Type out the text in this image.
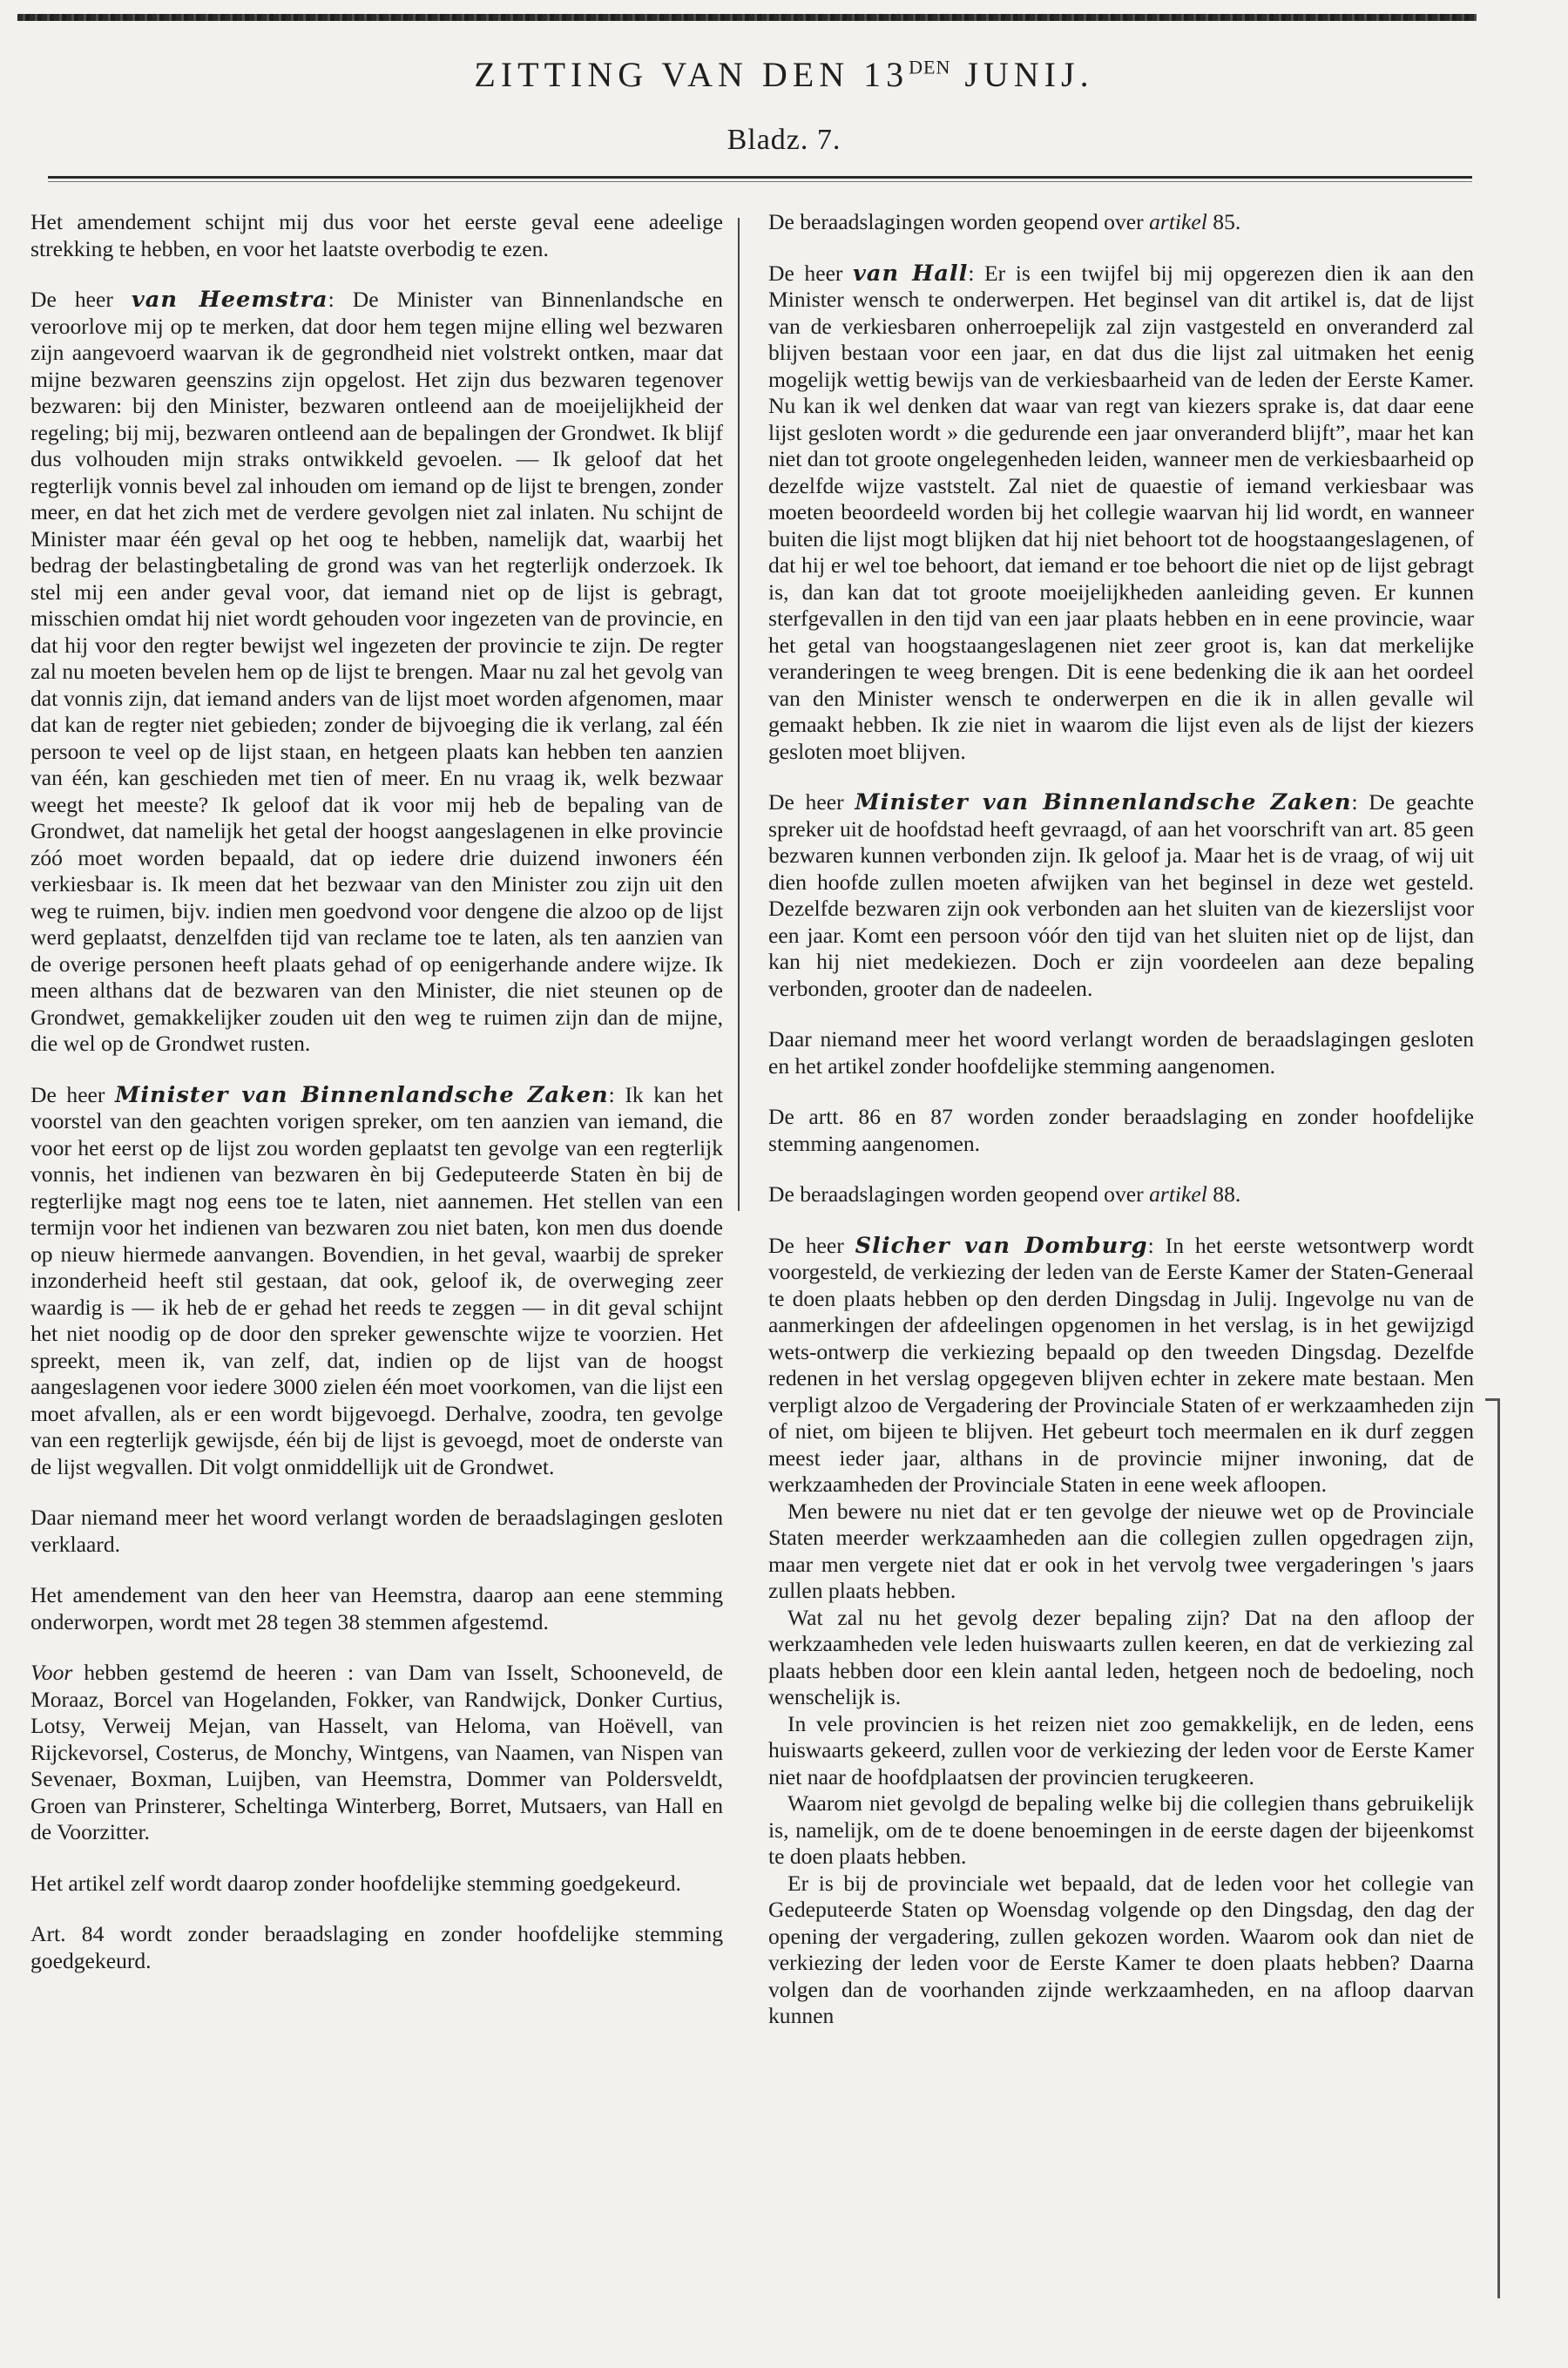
ZITTING VAN DEN $13^{DEN}$ JUNIJ.
Bladz. 7.

Het amendement schijnt mij dus voor het eerste geval eene adeelige strekking te hebben, en voor het laatste overbodig te ezen.

De heer van Heemstra: De Minister van Binnenlandsche en veroorlove mij op te merken, dat door hem tegen mijne elling wel bezwaren zijn aangevoerd waarvan ik de gegrondheid niet volstrekt ontken, maar dat mijne bezwaren geenszins zijn opgelost. Het zijn dus bezwaren tegenover bezwaren: bij den Minister, bezwaren ontleend aan de moeijelijkheid der regeling; bij mij, bezwaren ontleend aan de bepalingen der Grondwet. Ik blijf dus volhouden mijn straks ontwikkeld gevoelen. — Ik geloof dat het regterlijk vonnis bevel zal inhouden om iemand op de lijst te brengen, zonder meer, en dat het zich met de verdere gevolgen niet zal inlaten. Nu schijnt de Minister maar één geval op het oog te hebben, namelijk dat, waarbij het bedrag der belastingbetaling de grond was van het regterlijk onderzoek. Ik stel mij een ander geval voor, dat iemand niet op de lijst is gebragt, misschien omdat hij niet wordt gehouden voor ingezeten van de provincie, en dat hij voor den regter bewijst wel ingezeten der provincie te zijn. De regter zal nu moeten bevelen hem op de lijst te brengen. Maar nu zal het gevolg van dat vonnis zijn, dat iemand anders van de lijst moet worden afgenomen, maar dat kan de regter niet gebieden; zonder de bijvoeging die ik verlang, zal één persoon te veel op de lijst staan, en hetgeen plaats kan hebben ten aanzien van één, kan geschieden met tien of meer. En nu vraag ik, welk bezwaar weegt het meeste? Ik geloof dat ik voor mij heb de bepaling van de Grondwet, dat namelijk het getal der hoogst aangeslagenen in elke provincie zóó moet worden bepaald, dat op iedere drie duizend inwoners één verkiesbaar is. Ik meen dat het bezwaar van den Minister zou zijn uit den weg te ruimen, bijv. indien men goedvond voor dengene die alzoo op de lijst werd geplaatst, denzelfden tijd van reclame toe te laten, als ten aanzien van de overige personen heeft plaats gehad of op eenigerhande andere wijze. Ik meen althans dat de bezwaren van den Minister, die niet steunen op de Grondwet, gemakkelijker zouden uit den weg te ruimen zijn dan de mijne, die wel op de Grondwet rusten.

De heer Minister van Binnenlandsche Zaken: Ik kan het voorstel van den geachten vorigen spreker, om ten aanzien van iemand, die voor het eerst op de lijst zou worden geplaatst ten gevolge van een regterlijk vonnis, het indienen van bezwaren èn bij Gedeputeerde Staten èn bij de regterlijke magt nog eens toe te laten, niet aannemen. Het stellen van een termijn voor het indienen van bezwaren zou niet baten, kon men dus doende op nieuw hiermede aanvangen. Bovendien, in het geval, waarbij de spreker inzonderheid heeft stil gestaan, dat ook, geloof ik, de overweging zeer waardig is — ik heb de er gehad het reeds te zeggen — in dit geval schijnt het niet noodig op de door den spreker gewenschte wijze te voorzien. Het spreekt, meen ik, van zelf, dat, indien op de lijst van de hoogst aangeslagenen voor iedere 3000 zielen één moet voorkomen, van die lijst een moet afvallen, als er een wordt bijgevoegd. Derhalve, zoodra, ten gevolge van een regterlijk gewijsde, één bij de lijst is gevoegd, moet de onderste van de lijst wegvallen. Dit volgt onmiddellijk uit de Grondwet.

Daar niemand meer het woord verlangt worden de beraadslagingen gesloten verklaard.

Het amendement van den heer van Heemstra, daarop aan eene stemming onderworpen, wordt met 28 tegen 38 stemmen afgestemd.

Voor hebben gestemd de heeren : van Dam van Isselt, Schooneveld, de Moraaz, Borcel van Hogelanden, Fokker, van Randwijck, Donker Curtius, Lotsy, Verweij Mejan, van Hasselt, van Heloma, van Hoëvell, van Rijckevorsel, Costerus, de Monchy, Wintgens, van Naamen, van Nispen van Sevenaer, Boxman, Luijben, van Heemstra, Dommer van Poldersveldt, Groen van Prinsterer, Scheltinga Winterberg, Borret, Mutsaers, van Hall en de Voorzitter.

Het artikel zelf wordt daarop zonder hoofdelijke stemming goedgekeurd.

Art. 84 wordt zonder beraadslaging en zonder hoofdelijke stemming goedgekeurd.

De beraadslagingen worden geopend over artikel 85.

De heer van Hall: Er is een twijfel bij mij opgerezen dien ik aan den Minister wensch te onderwerpen. Het beginsel van dit artikel is, dat de lijst van de verkiesbaren onherroepelijk zal zijn vastgesteld en onveranderd zal blijven bestaan voor een jaar, en dat dus die lijst zal uitmaken het eenig mogelijk wettig bewijs van de verkiesbaarheid van de leden der Eerste Kamer. Nu kan ik wel denken dat waar van regt van kiezers sprake is, dat daar eene lijst gesloten wordt » die gedurende een jaar onveranderd blijft”, maar het kan niet dan tot groote ongelegenheden leiden, wanneer men de verkiesbaarheid op dezelfde wijze vaststelt. Zal niet de quaestie of iemand verkiesbaar was moeten beoordeeld worden bij het collegie waarvan hij lid wordt, en wanneer buiten die lijst mogt blijken dat hij niet behoort tot de hoogstaangeslagenen, of dat hij er wel toe behoort, dat iemand er toe behoort die niet op de lijst gebragt is, dan kan dat tot groote moeijelijkheden aanleiding geven. Er kunnen sterfgevallen in den tijd van een jaar plaats hebben en in eene provincie, waar het getal van hoogstaangeslagenen niet zeer groot is, kan dat merkelijke veranderingen te weeg brengen. Dit is eene bedenking die ik aan het oordeel van den Minister wensch te onderwerpen en die ik in allen gevalle wil gemaakt hebben. Ik zie niet in waarom die lijst even als de lijst der kiezers gesloten moet blijven.

De heer Minister van Binnenlandsche Zaken: De geachte spreker uit de hoofdstad heeft gevraagd, of aan het voorschrift van art. 85 geen bezwaren kunnen verbonden zijn. Ik geloof ja. Maar het is de vraag, of wij uit dien hoofde zullen moeten afwijken van het beginsel in deze wet gesteld. Dezelfde bezwaren zijn ook verbonden aan het sluiten van de kiezerslijst voor een jaar. Komt een persoon vóór den tijd van het sluiten niet op de lijst, dan kan hij niet medekiezen. Doch er zijn voordeelen aan deze bepaling verbonden, grooter dan de nadeelen.

Daar niemand meer het woord verlangt worden de beraadslagingen gesloten en het artikel zonder hoofdelijke stemming aangenomen.

De artt. 86 en 87 worden zonder beraadslaging en zonder hoofdelijke stemming aangenomen.

De beraadslagingen worden geopend over artikel 88.

De heer Slicher van Domburg: In het eerste wetsontwerp wordt voorgesteld, de verkiezing der leden van de Eerste Kamer der Staten-Generaal te doen plaats hebben op den derden Dingsdag in Julij. Ingevolge nu van de aanmerkingen der afdeelingen opgenomen in het verslag, is in het gewijzigd wets-ontwerp die verkiezing bepaald op den tweeden Dingsdag. Dezelfde redenen in het verslag opgegeven blijven echter in zekere mate bestaan. Men verpligt alzoo de Vergadering der Provinciale Staten of er werkzaamheden zijn of niet, om bijeen te blijven. Het gebeurt toch meermalen en ik durf zeggen meest ieder jaar, althans in de provincie mijner inwoning, dat de werkzaamheden der Provinciale Staten in eene week afloopen.

Men bewere nu niet dat er ten gevolge der nieuwe wet op de Provinciale Staten meerder werkzaamheden aan die collegien zullen opgedragen zijn, maar men vergete niet dat er ook in het vervolg twee vergaderingen 's jaars zullen plaats hebben.

Wat zal nu het gevolg dezer bepaling zijn? Dat na den afloop der werkzaamheden vele leden huiswaarts zullen keeren, en dat de verkiezing zal plaats hebben door een klein aantal leden, hetgeen noch de bedoeling, noch wenschelijk is.

In vele provincien is het reizen niet zoo gemakkelijk, en de leden, eens huiswaarts gekeerd, zullen voor de verkiezing der leden voor de Eerste Kamer niet naar de hoofdplaatsen der provincien terugkeeren.

Waarom niet gevolgd de bepaling welke bij die collegien thans gebruikelijk is, namelijk, om de te doene benoemingen in de eerste dagen der bijeenkomst te doen plaats hebben.

Er is bij de provinciale wet bepaald, dat de leden voor het collegie van Gedeputeerde Staten op Woensdag volgende op den Dingsdag, den dag der opening der vergadering, zullen gekozen worden. Waarom ook dan niet de verkiezing der leden voor de Eerste Kamer te doen plaats hebben? Daarna volgen dan de voorhanden zijnde werkzaamheden, en na afloop daarvan kunnen
